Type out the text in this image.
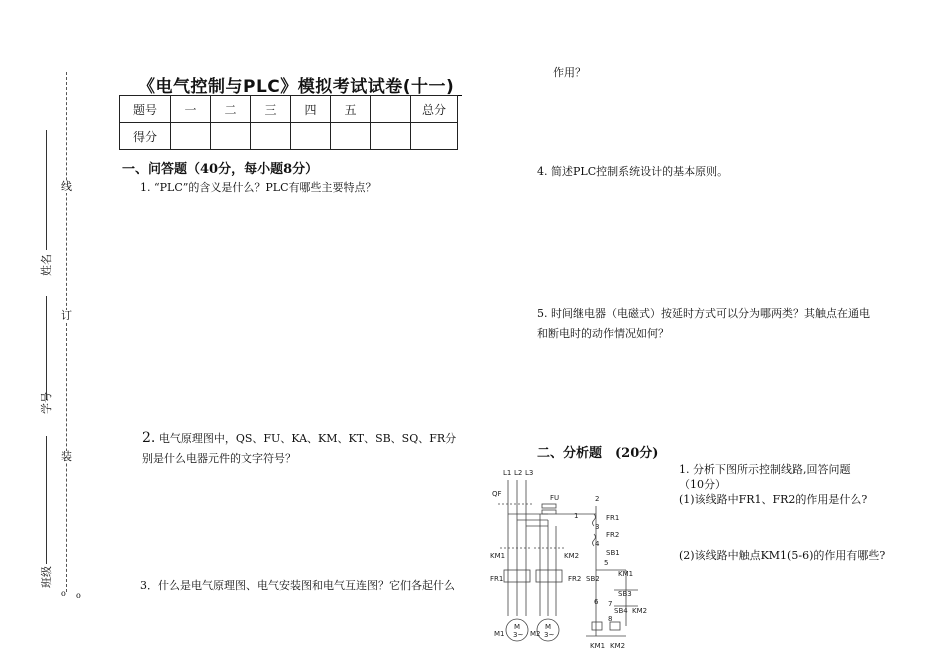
线
订
装
o o
姓名
学号
班级
《电气控制与PLC》模拟考试试卷(十一)
题号	一	二	三	四	五		总分
得分							
一、问答题（40分，每小题8分）
1. “PLC”的含义是什么？PLC有哪些主要特点？
2. 电气原理图中，QS、FU、KA、KM、KT、SB、SQ、FR分别是什么电器元件的文字符号？
3．什么是电气原理图、电气安装图和电气互连图？它们各起什么
作用？
4. 简述PLC控制系统设计的基本原则。
5. 时间继电器（电磁式）按延时方式可以分为哪两类？其触点在通电和断电时的动作情况如何？
二、分析题　(20分)
1. 分析下图所示控制线路,回答问题（10分）
(1)该线路中FR1、FR2的作用是什么?
(2)该线路中触点KM1(5-6)的作用有哪些?
L1 L2 L3
QF	FU	2
1	FR1
3
FR2
4
SB1
KM1	KM2
5
KM1
FR1	FR2 SB2
SB3
6 7
SB4 KM2
8
M
3~
M
3~
M1	M2
KM1 KM2
